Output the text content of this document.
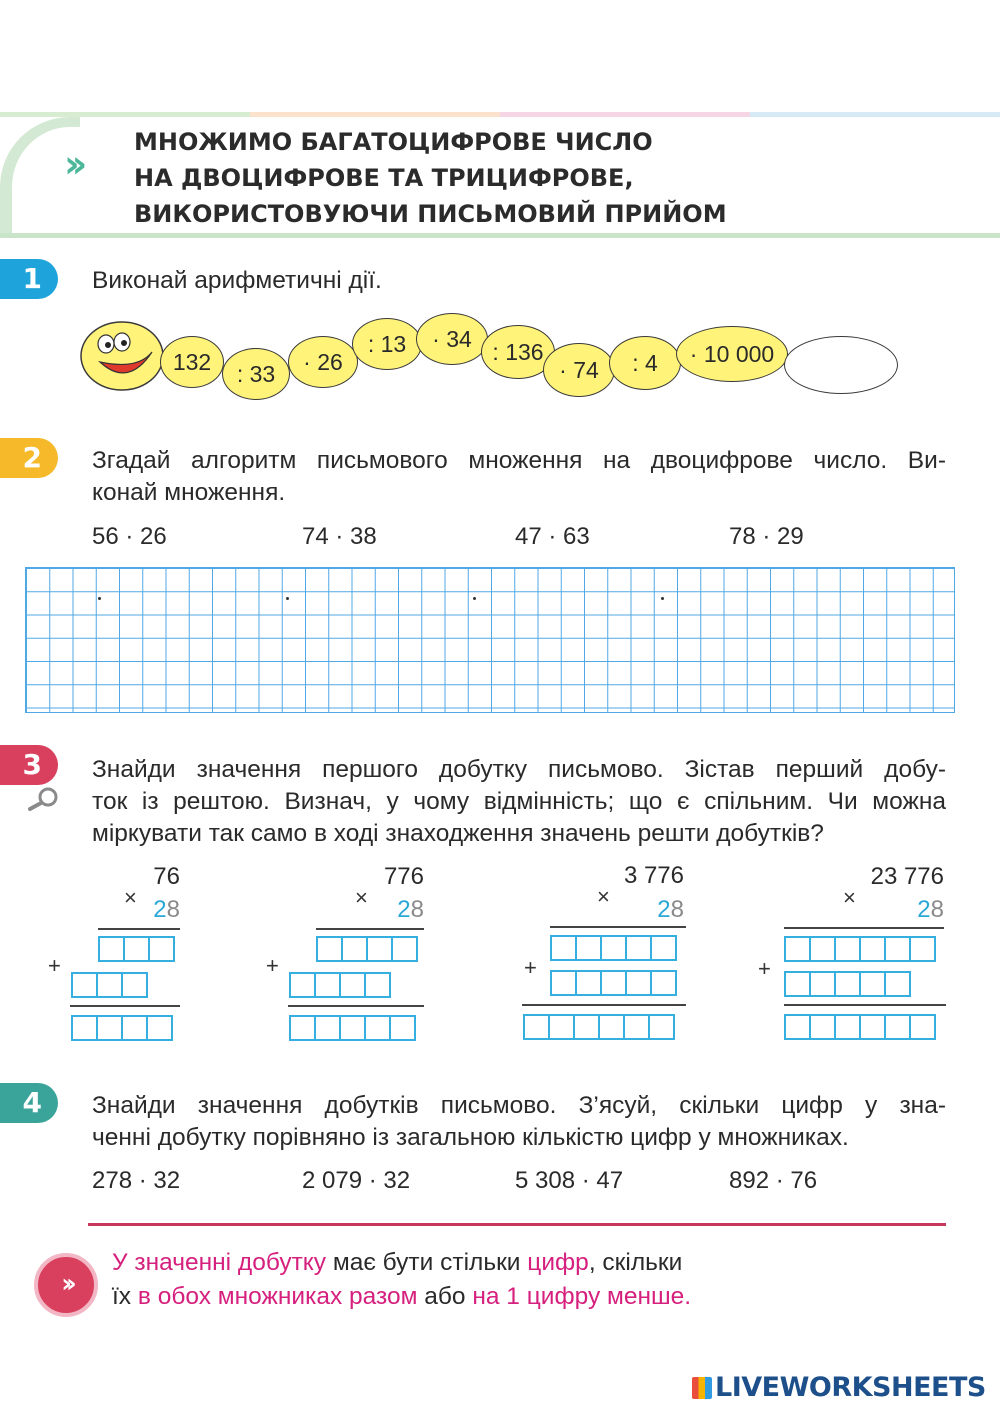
›› МНОЖИМО БАГАТОЦИФРОВЕ ЧИСЛО
НА ДВОЦИФРОВЕ ТА ТРИЦИФРОВЕ,
ВИКОРИСТОВУЮЧИ ПИСЬМОВИЙ ПРИЙОМ
1	Виконай арифметичні дії.
132	: 33	· 26
: 13	· 34 : 136
· 74	: 4	· 10 000
2	Згадай алгоритм письмового множення на двоцифрове число. Ви-
конай множення.
56 · 26	74 · 38	47 · 63	78 · 29
3	Знайди значення першого добутку письмово. Зістав перший добу-
ток із рештою. Визнач, у чому відмінність; що є спільним. Чи можна
міркувати так само в ході знаходження значень решти добутків?
76
× 28
+
776
×	28
+
3 776
×	28
+
23 776
×	28
+
4	Знайди значення добутків письмово. З’ясуй, скільки цифр у зна-
ченні добутку порівняно із загальною кількістю цифр у множниках.
278 · 32	2 079 · 32	5 308 · 47	892 · 76
››
У значенні добутку має бути стільки цифр, скільки
їх в обох множниках разом або на 1 цифру менше.
LIVEWORKSHEETS
